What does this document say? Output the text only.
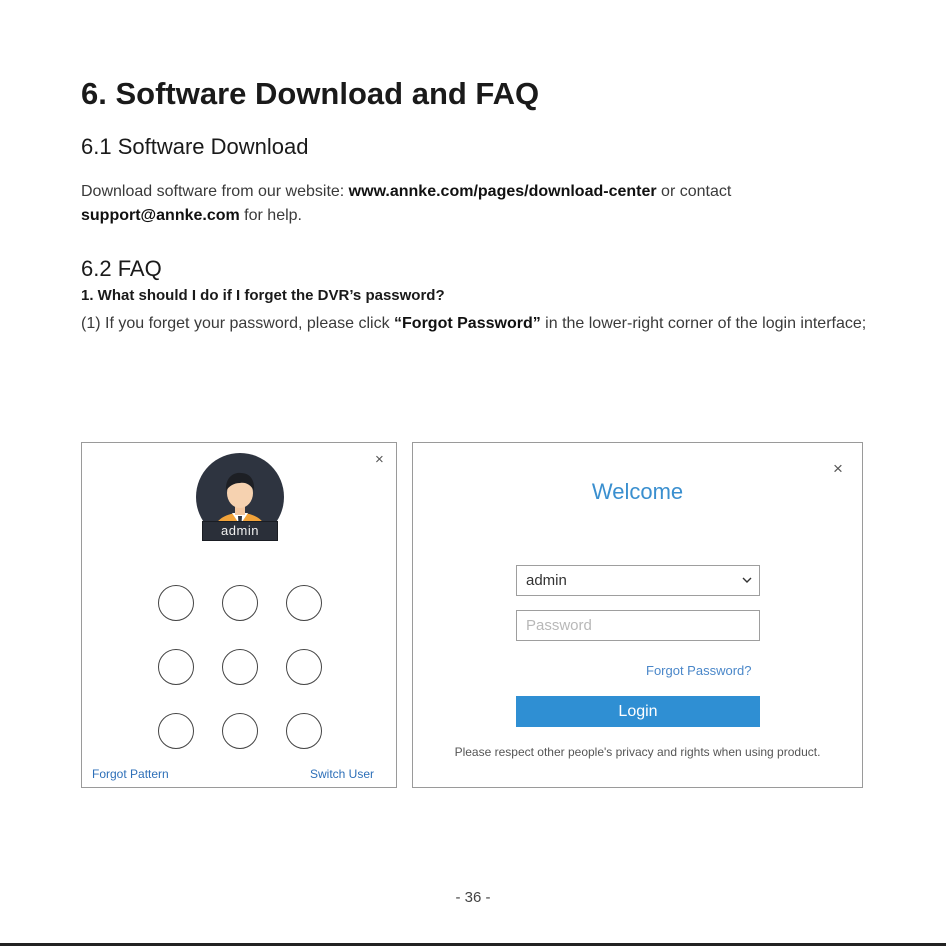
6. Software Download and FAQ
6.1 Software Download

Download software from our website: www.annke.com/pages/download-center or contact
support@annke.com for help.

6.2 FAQ

1. What should I do if I forget the DVR’s password?

(1) If you forget your password, please click “Forgot Password” in the lower-right corner of the login interface;

×
admin
Forgot Pattern	Switch User
×
Welcome
admin
Forgot Password?
Login
Please respect other people's privacy and rights when using product.
- 36 -
